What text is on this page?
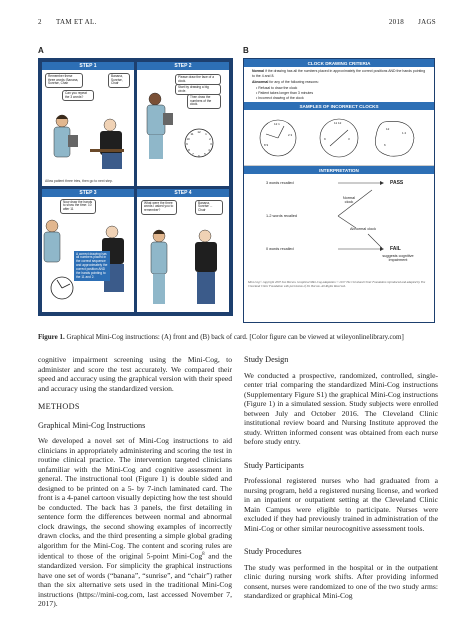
2	TAM ET AL.	2018 JAGS
A	B
STEP 1
Remember these three words: Banana, Sunrise, Chair
Banana, Sunrise, Chair
Can you repeat the 3 words?
Allow patient three tries, then go to next step.
STEP 2
Please draw the face of a clock.
Start by drawing a big circle.
Then draw the numbers of the clock.
12 1
2
3
4
5
6
7
8
9
10
11
STEP 3
Now draw the hands to show the time: 10 after 11
A correct drawing has all numbers placed in the correct sequence and approximately the correct position AND the hands pointing to the 11 and 2.
STEP 4
What were the three words I asked you to remember?
Banana, Sunrise ... Chair
CLOCK DRAWING CRITERIA
Normal if the drawing has all the numbers placed in approximately the correct positions AND the hands pointing to the 4 and 8.
Abnormal for any of the following reasons:
• Refusal to draw the clock
• Patient takes longer than 3 minutes
• Incorrect drawing of the clock
SAMPLES OF INCORRECT CLOCKS
12 1
2 3
8 9
11 12
3
9
12
1 2
6
INTERPRETATION
3 words recalled	PASS
Normal clock
1-2 words recalled
Abnormal clock
0 words recalled	FAIL
suggests cognitive impairment
Mini-Cog© copyright 2007 Soo Borson. Graphical Mini-Cog adaptation © 2017 The Cleveland Clinic Foundation reproduced and adapted by The Cleveland Clinic Foundation with permission of Dr. Borson. All Rights Reserved.
Figure 1. Graphical Mini-Cog instructions: (A) front and (B) back of card. [Color figure can be viewed at wileyonlinelibrary.com]

cognitive impairment screening using the Mini-Cog, to administer and score the test accurately. We compared their speed and accuracy using the graphical version with their speed and accuracy using the standardized version.

METHODS
Graphical Mini-Cog Instructions

We developed a novel set of Mini-Cog instructions to aid clinicians in appropriately administering and scoring the test in routine clinical practice. The intervention targeted clinicians unfamiliar with the Mini-Cog and cognitive assessment in general. The instructional tool (Figure 1) is double sided and designed to be printed on a 5- by 7-inch laminated card. The front is a 4-panel cartoon visually depicting how the test should be conducted. The back has 3 panels, the first detailing in sentence form the differences between normal and abnormal clock drawings, the second showing examples of incorrectly drawn clocks, and the third presenting a simple global grading algorithm for the Mini-Cog. The content and scoring rules are identical to those of the original 5-point Mini-Cog$^8$ and the standardized version. For simplicity the graphical instructions have one set of words (“banana”, “sunrise”, and “chair”) rather than the six alternative sets used in the traditional Mini-Cog instructions (https://mini-cog.com, last accessed November 7, 2017).

Study Design

We conducted a prospective, randomized, controlled, single-center trial comparing the standardized Mini-Cog instructions (Supplementary Figure S1) the graphical Mini-Cog instructions (Figure 1) in a simulated session. Study subjects were enrolled between July and October 2016. The Cleveland Clinic institutional review board and Nursing Institute approved the study. Written informed consent was obtained from each nurse before study entry.

Study Participants

Professional registered nurses who had graduated from a nursing program, held a registered nursing license, and worked in an inpatient or outpatient setting at the Cleveland Clinic Main Campus were eligible to participate. Nurses were excluded if they had previously trained in administration of the Mini-Cog or other similar neurocognitive assessment tools.

Study Procedures

The study was performed in the hospital or in the outpatient clinic during nursing work shifts. After providing informed consent, nurses were randomized to one of the two study arms: standardized or graphical Mini-Cog
